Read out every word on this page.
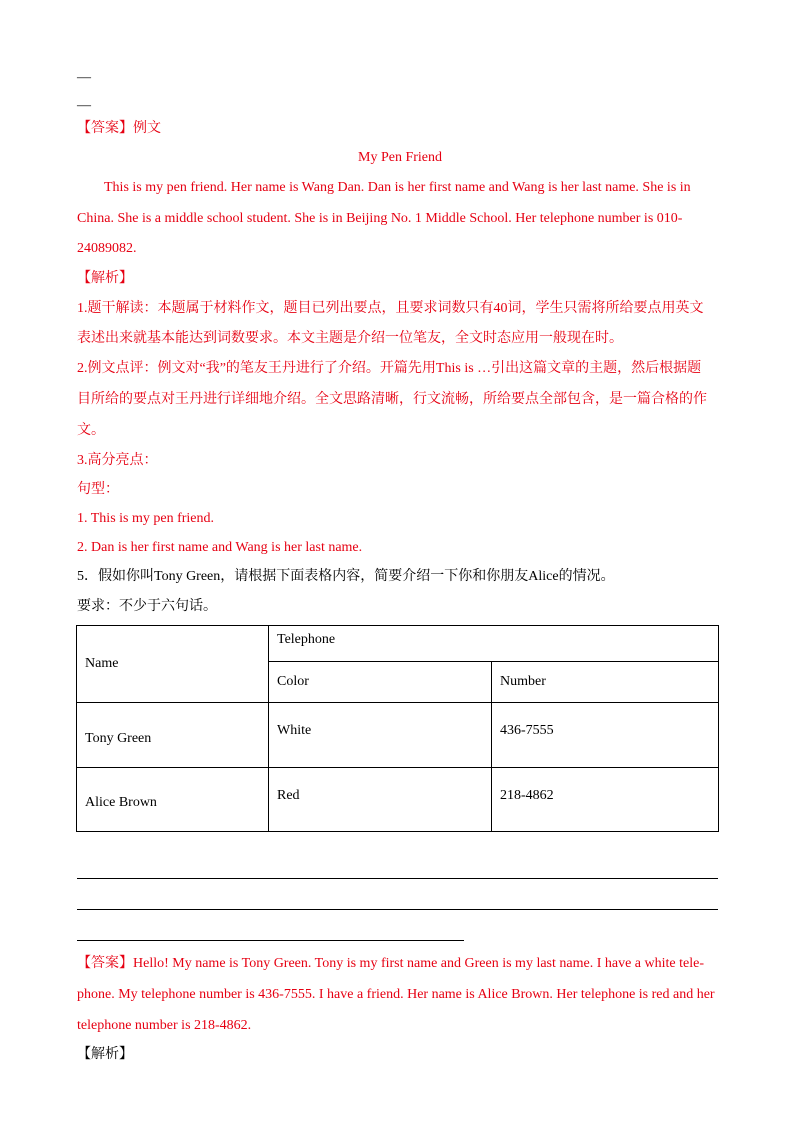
—
—
【答案】例文
My Pen Friend
This is my pen friend. Her name is Wang Dan. Dan is her first name and Wang is her last name. She is in
China. She is a middle school student. She is in Beijing No. 1 Middle School. Her telephone number is 010-
24089082.
【解析】
1.题干解读：本题属于材料作文，题目已列出要点，且要求词数只有40词，学生只需将所给要点用英文
表述出来就基本能达到词数要求。本文主题是介绍一位笔友，全文时态应用一般现在时。
2.例文点评：例文对“我”的笔友王丹进行了介绍。开篇先用This is …引出这篇文章的主题，然后根据题
目所给的要点对王丹进行详细地介绍。全文思路清晰，行文流畅，所给要点全部包含，是一篇合格的作
文。
3.高分亮点：
句型：
1. This is my pen friend.
2. Dan is her first name and Wang is her last name.
5．假如你叫Tony Green，请根据下面表格内容，简要介绍一下你和你朋友Alice的情况。
要求：不少于六句话。
Name	Telephone	
	Color	Number
Tony Green	White	436-7555
Alice Brown	Red	218-4862
【答案】Hello! My name is Tony Green. Tony is my first name and Green is my last name. I have a white tele-
phone. My telephone number is 436-7555. I have a friend. Her name is Alice Brown. Her telephone is red and her
telephone number is 218-4862.
【解析】
